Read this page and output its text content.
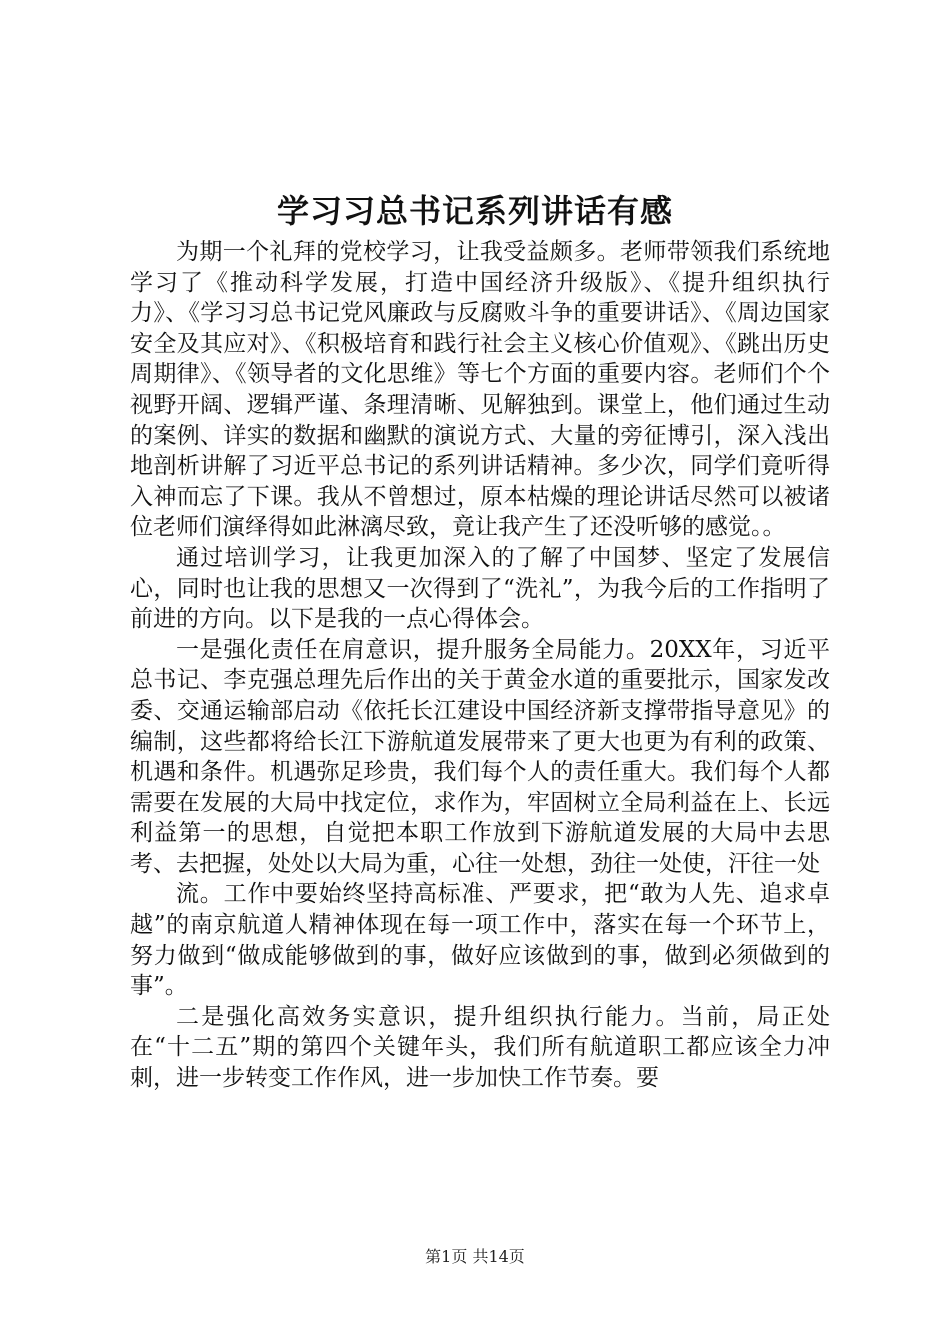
学习习总书记系列讲话有感

为期一个礼拜的党校学习，让我受益颇多。老师带领我们系统地学习了《推动科学发展，打造中国经济升级版》、《提升组织执行力》、《学习习总书记党风廉政与反腐败斗争的重要讲话》、《周边国家安全及其应对》、《积极培育和践行社会主义核心价值观》、《跳出历史周期律》、《领导者的文化思维》等七个方面的重要内容。老师们个个视野开阔、逻辑严谨、条理清晰、见解独到。课堂上，他们通过生动的案例、详实的数据和幽默的演说方式、大量的旁征博引，深入浅出地剖析讲解了习近平总书记的系列讲话精神。多少次，同学们竟听得入神而忘了下课。我从不曾想过，原本枯燥的理论讲话尽然可以被诸位老师们演绎得如此淋漓尽致，竟让我产生了还没听够的感觉。。

通过培训学习，让我更加深入的了解了中国梦、坚定了发展信心，同时也让我的思想又一次得到了“洗礼”，为我今后的工作指明了前进的方向。以下是我的一点心得体会。

一是强化责任在肩意识，提升服务全局能力。20XX年，习近平总书记、李克强总理先后作出的关于黄金水道的重要批示，国家发改委、交通运输部启动《依托长江建设中国经济新支撑带指导意见》的编制，这些都将给长江下游航道发展带来了更大也更为有利的政策、机遇和条件。机遇弥足珍贵，我们每个人的责任重大。我们每个人都需要在发展的大局中找定位，求作为，牢固树立全局利益在上、长远利益第一的思想，自觉把本职工作放到下游航道发展的大局中去思考、去把握，处处以大局为重，心往一处想，劲往一处使，汗往一处

流。工作中要始终坚持高标准、严要求，把“敢为人先、追求卓越”的南京航道人精神体现在每一项工作中，落实在每一个环节上，努力做到“做成能够做到的事，做好应该做到的事，做到必须做到的事”。

二是强化高效务实意识，提升组织执行能力。当前，局正处在“十二五”期的第四个关键年头，我们所有航道职工都应该全力冲刺，进一步转变工作作风，进一步加快工作节奏。要

第1页 共14页
